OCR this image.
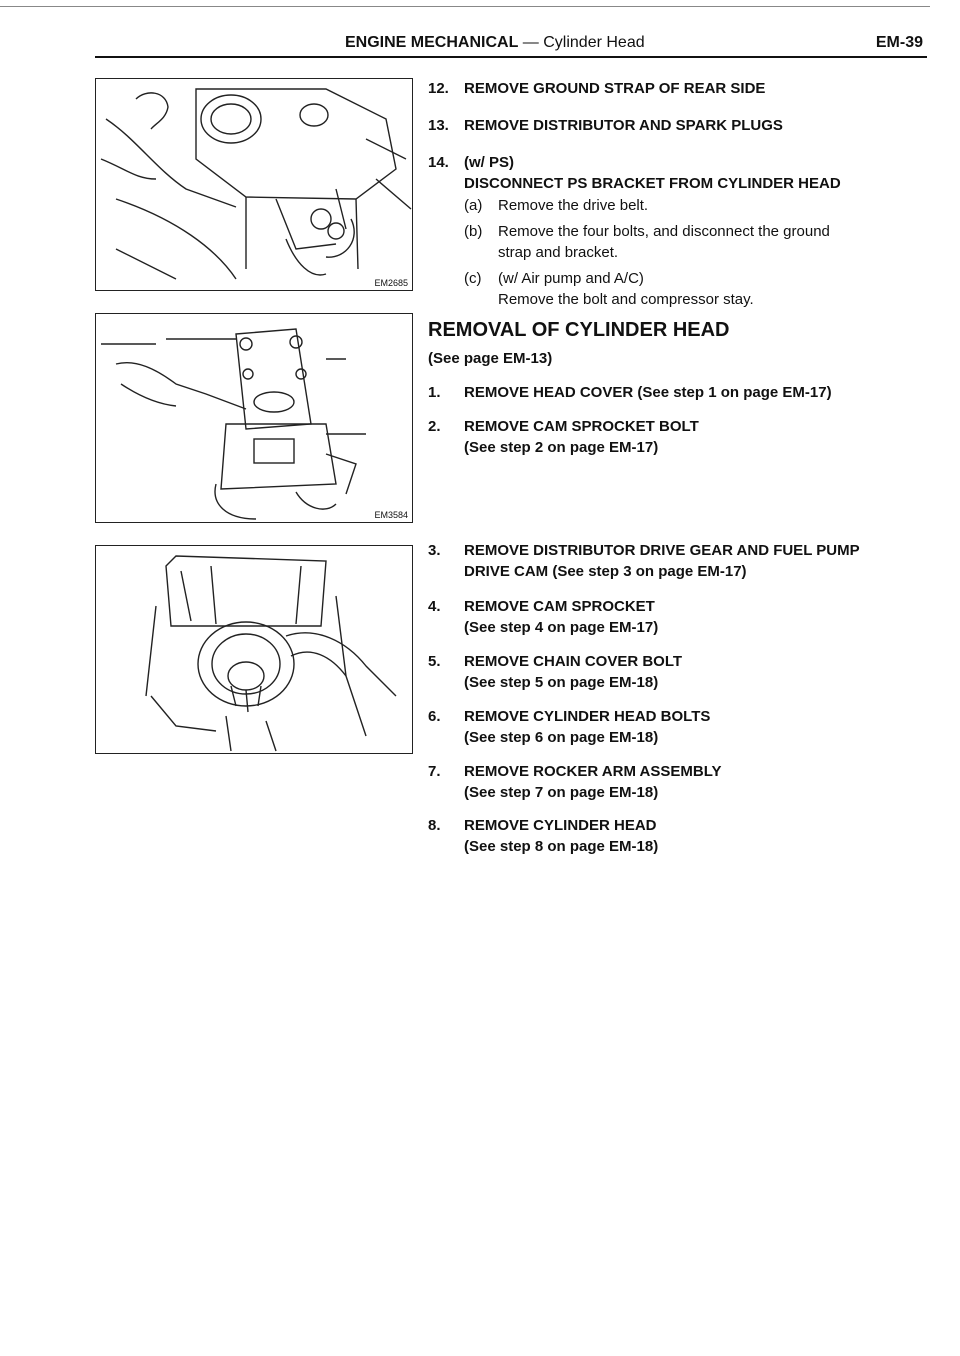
ENGINE MECHANICAL — Cylinder Head	EM-39
EM2685
EM3584
12. REMOVE GROUND STRAP OF REAR SIDE
13. REMOVE DISTRIBUTOR AND SPARK PLUGS
14. (w/ PS)
DISCONNECT PS BRACKET FROM CYLINDER HEAD
(a) Remove the drive belt.
(b) Remove the four bolts, and disconnect the ground
strap and bracket.
(c) (w/ Air pump and A/C)
Remove the bolt and compressor stay.
REMOVAL OF CYLINDER HEAD
(See page EM-13)
1. REMOVE HEAD COVER (See step 1 on page EM-17)
2. REMOVE CAM SPROCKET BOLT
(See step 2 on page EM-17)
3. REMOVE DISTRIBUTOR DRIVE GEAR AND FUEL PUMP
DRIVE CAM (See step 3 on page EM-17)
4. REMOVE CAM SPROCKET
(See step 4 on page EM-17)
5. REMOVE CHAIN COVER BOLT
(See step 5 on page EM-18)
6. REMOVE CYLINDER HEAD BOLTS
(See step 6 on page EM-18)
7. REMOVE ROCKER ARM ASSEMBLY
(See step 7 on page EM-18)
8. REMOVE CYLINDER HEAD
(See step 8 on page EM-18)
